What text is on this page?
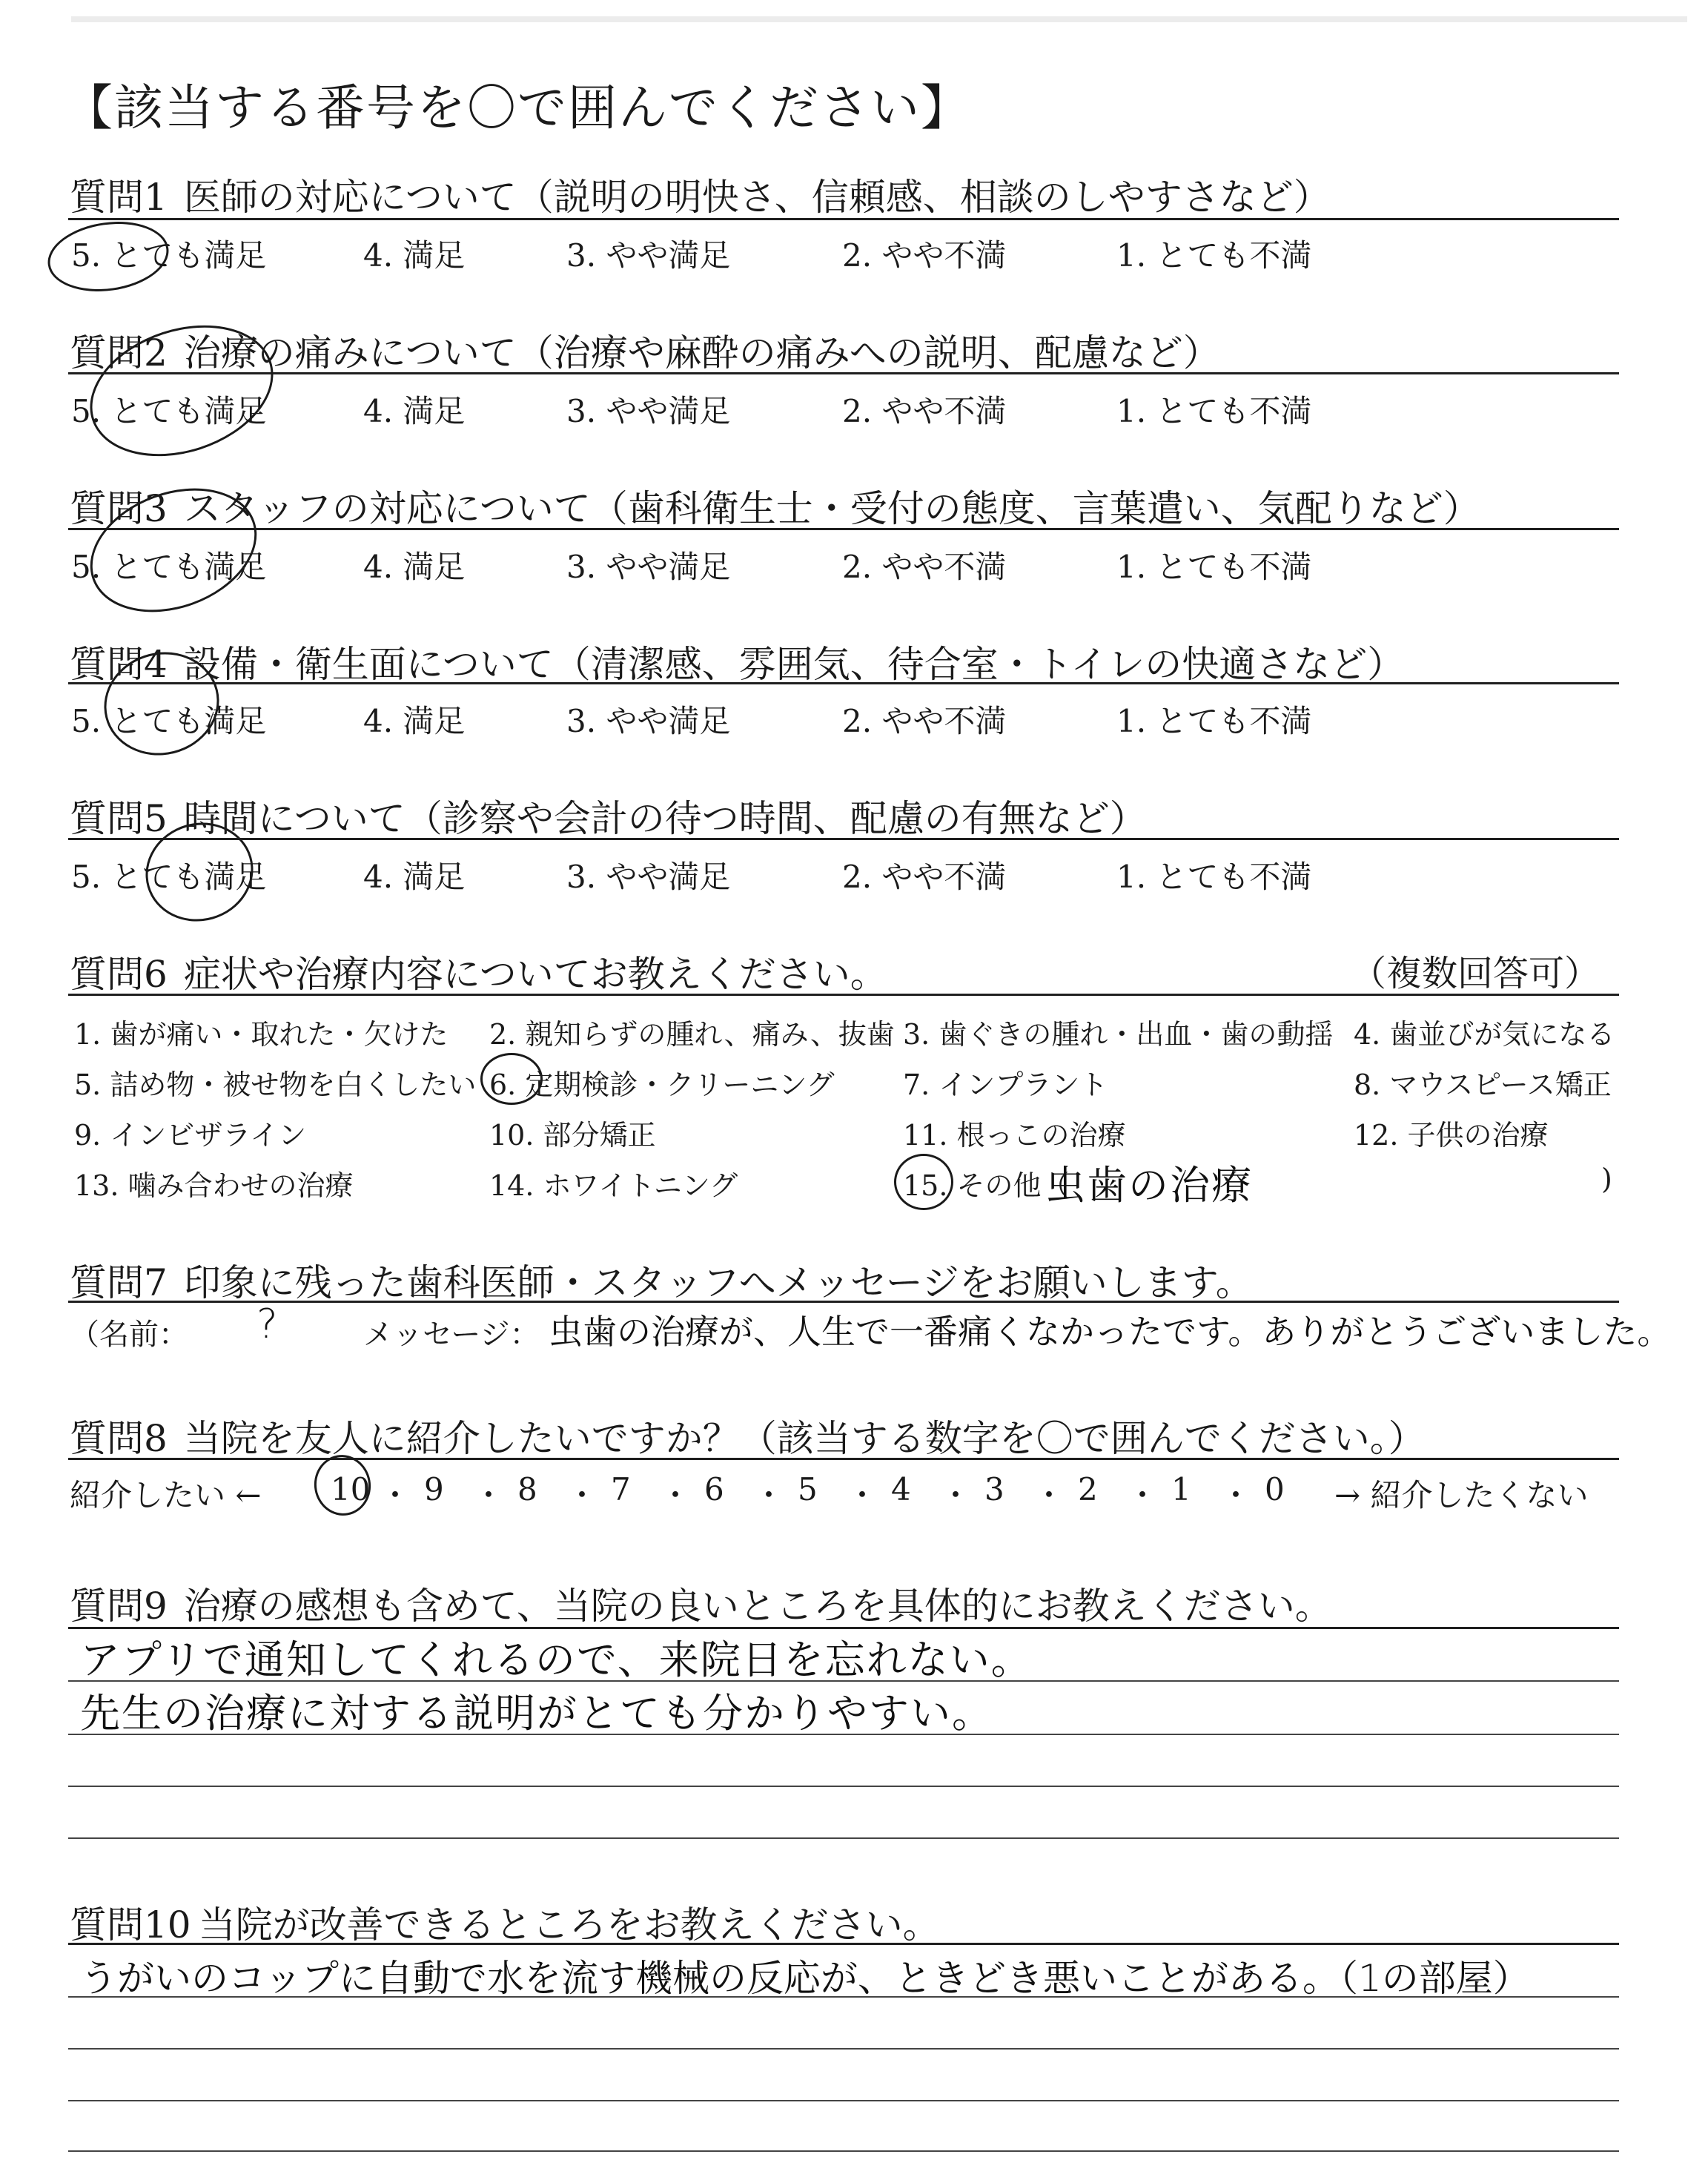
【該当する番号を〇で囲んでください】
質問1 医師の対応について（説明の明快さ、信頼感、相談のしやすさなど）
5. とても満足	4. 満足	3. やや満足	2. やや不満	1. とても不満
質問2 治療の痛みについて（治療や麻酔の痛みへの説明、配慮など）
5. とても満足	4. 満足	3. やや満足	2. やや不満	1. とても不満
質問3 スタッフの対応について（歯科衛生士・受付の態度、言葉遣い、気配りなど）
5. とても満足	4. 満足	3. やや満足	2. やや不満	1. とても不満
質問4 設備・衛生面について（清潔感、雰囲気、待合室・トイレの快適さなど）
5. とても満足	4. 満足	3. やや満足	2. やや不満	1. とても不満
質問5 時間について（診察や会計の待つ時間、配慮の有無など）
5. とても満足	4. 満足	3. やや満足	2. やや不満	1. とても不満
質問6 症状や治療内容についてお教えください。	（複数回答可）
1. 歯が痛い・取れた・欠けた 2. 親知らずの腫れ、痛み、抜歯 3. 歯ぐきの腫れ・出血・歯の動揺 4. 歯並びが気になる
5. 詰め物・被せ物を白くしたい 6. 定期検診・クリーニング 7. インプラント	8. マウスピース矯正
9. インビザライン	10. 部分矯正	11. 根っこの治療	12. 子供の治療
13. 噛み合わせの治療	14. ホワイトニング	15. その他（
虫歯の治療	)
質問7 印象に残った歯科医師・スタッフへメッセージをお願いします。
（名前： ?	メッセージ： 虫歯の治療が、人生で一番痛くなかったです。ありがとうございました。
質問8 当院を友人に紹介したいですか？（該当する数字を〇で囲んでください。）
紹介したい ← 10 ・ 9 ・ 8 ・ 7 ・ 6 ・ 5 ・ 4 ・ 3 ・ 2 ・ 1 ・ 0 → 紹介したくない
質問9 治療の感想も含めて、当院の良いところを具体的にお教えください。
アプリで通知してくれるので、来院日を忘れない。
先生の治療に対する説明がとても分かりやすい。
質問10 当院が改善できるところをお教えください。
うがいのコップに自動で水を流す機械の反応が、ときどき悪いことがある。（1の部屋）
